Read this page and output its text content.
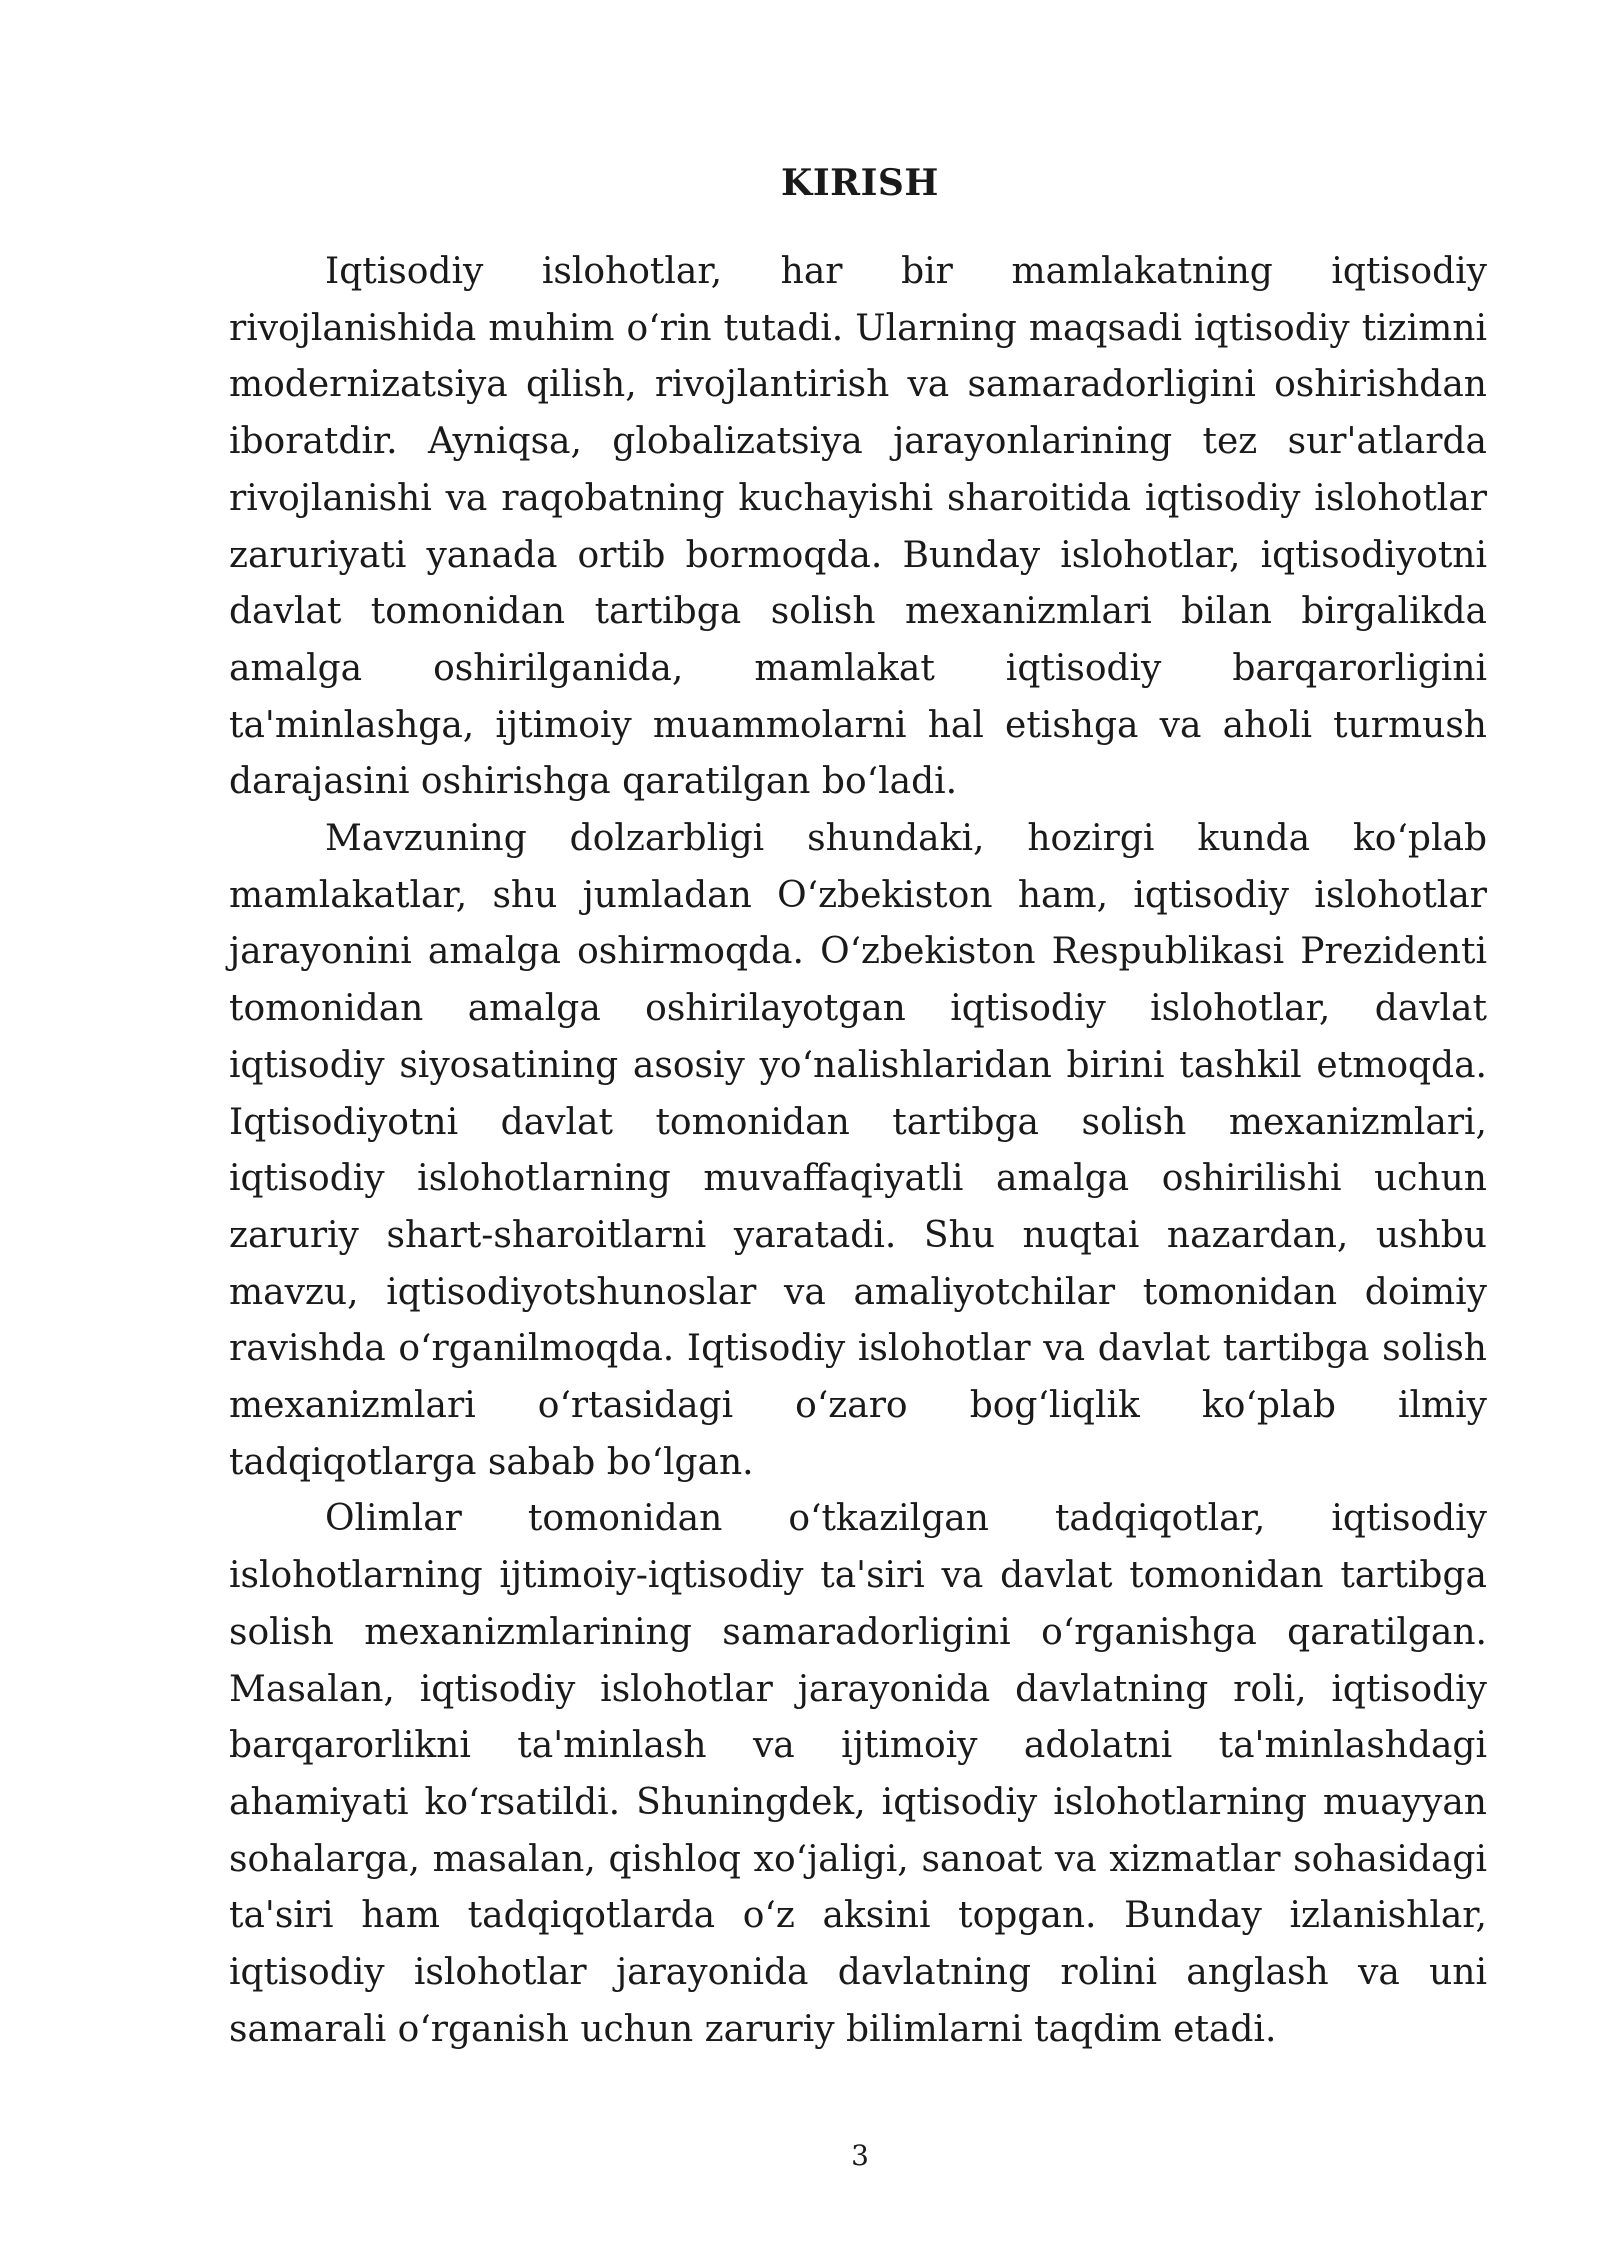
KIRISH

Iqtisodiy islohotlar, har bir mamlakatning iqtisodiy rivojlanishida muhim oʻrin tutadi. Ularning maqsadi iqtisodiy tizimni modernizatsiya qilish, rivojlantirish va samaradorligini oshirishdan iboratdir. Ayniqsa, globalizatsiya jarayonlarining tez sur'atlarda rivojlanishi va raqobatning kuchayishi sharoitida iqtisodiy islohotlar zaruriyati yanada ortib bormoqda. Bunday islohotlar, iqtisodiyotni davlat tomonidan tartibga solish mexanizmlari bilan birgalikda amalga oshirilganida, mamlakat iqtisodiy barqarorligini ta'minlashga, ijtimoiy muammolarni hal etishga va aholi turmush darajasini oshirishga qaratilgan boʻladi.

Mavzuning dolzarbligi shundaki, hozirgi kunda koʻplab mamlakatlar, shu jumladan Oʻzbekiston ham, iqtisodiy islohotlar jarayonini amalga oshirmoqda. Oʻzbekiston Respublikasi Prezidenti tomonidan amalga oshirilayotgan iqtisodiy islohotlar, davlat iqtisodiy siyosatining asosiy yoʻnalishlaridan birini tashkil etmoqda. Iqtisodiyotni davlat tomonidan tartibga solish mexanizmlari, iqtisodiy islohotlarning muvaffaqiyatli amalga oshirilishi uchun zaruriy shart-sharoitlarni yaratadi. Shu nuqtai nazardan, ushbu mavzu, iqtisodiyotshunoslar va amaliyotchilar tomonidan doimiy ravishda oʻrganilmoqda. Iqtisodiy islohotlar va davlat tartibga solish mexanizmlari oʻrtasidagi oʻzaro bogʻliqlik koʻplab ilmiy tadqiqotlarga sabab boʻlgan.

Olimlar tomonidan oʻtkazilgan tadqiqotlar, iqtisodiy islohotlarning ijtimoiy-iqtisodiy ta'siri va davlat tomonidan tartibga solish mexanizmlarining samaradorligini oʻrganishga qaratilgan. Masalan, iqtisodiy islohotlar jarayonida davlatning roli, iqtisodiy barqarorlikni ta'minlash va ijtimoiy adolatni ta'minlashdagi ahamiyati koʻrsatildi. Shuningdek, iqtisodiy islohotlarning muayyan sohalarga, masalan, qishloq xoʻjaligi, sanoat va xizmatlar sohasidagi ta'siri ham tadqiqotlarda oʻz aksini topgan. Bunday izlanishlar, iqtisodiy islohotlar jarayonida davlatning rolini anglash va uni samarali oʻrganish uchun zaruriy bilimlarni taqdim etadi.

3
